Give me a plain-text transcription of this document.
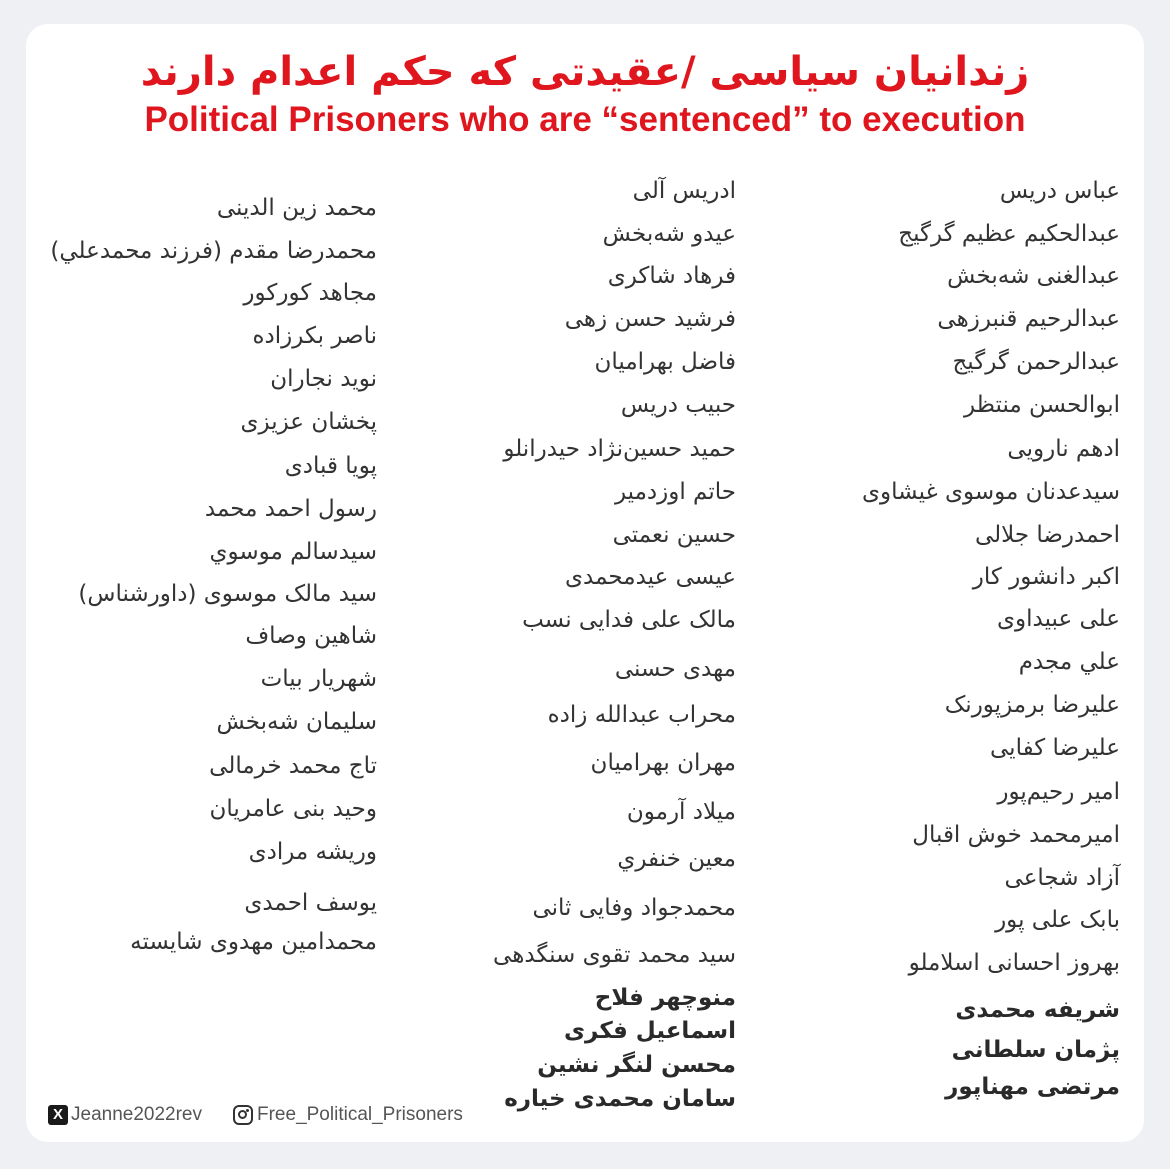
زندانیان سیاسی /عقیدتی که حکم اعدام دارند
Political Prisoners who are “sentenced” to execution
عباس دریس
عبدالحکیم عظیم گرگیج
عبدالغنی شه‌بخش
عبدالرحیم قنبرزهی
عبدالرحمن گرگیج
ابوالحسن منتظر
ادهم نارویی
سیدعدنان موسوی غیشاوی
احمدرضا جلالی
اکبر دانشور کار
علی عبیداوی
علي مجدم
علیرضا برمزپورنک
علیرضا کفایی
امیر رحیم‌پور
امیرمحمد خوش اقبال
آزاد شجاعی
بابک علی پور
بهروز احسانی اسلاملو
شریفه محمدی
پژمان سلطانی
مرتضی مهناپور
ادریس آلی
عیدو شه‌بخش
فرهاد شاکری
فرشید حسن زهی
فاضل بهرامیان
حبیب دریس
حمید حسین‌نژاد حیدرانلو
حاتم اوزدمیر
حسین نعمتی
عیسی عیدمحمدی
مالک علی فدایی نسب
مهدی حسنی
محراب عبدالله زاده
مهران بهرامیان
میلاد آرمون
معین خنفري
محمدجواد وفایی ثانی
سید محمد تقوی سنگدهی
منوچهر فلاح
اسماعیل فکری
محسن لنگر نشین
سامان محمدی خیاره
محمد زین الدینی
محمدرضا مقدم (فرزند محمدعلي)
مجاهد کورکور
ناصر بکرزاده
نوید نجاران
پخشان عزیزی
پویا قبادی
رسول احمد محمد
سیدسالم موسوي
سید مالک موسوی (داورشناس)
شاهین وصاف
شهریار بیات
سلیمان شه‌بخش
تاج محمد خرمالی
وحید بنی عامریان
وریشه مرادی
یوسف احمدی
محمدامین مهدوی شایسته
X Jeanne2022rev	Free_Political_Prisoners
